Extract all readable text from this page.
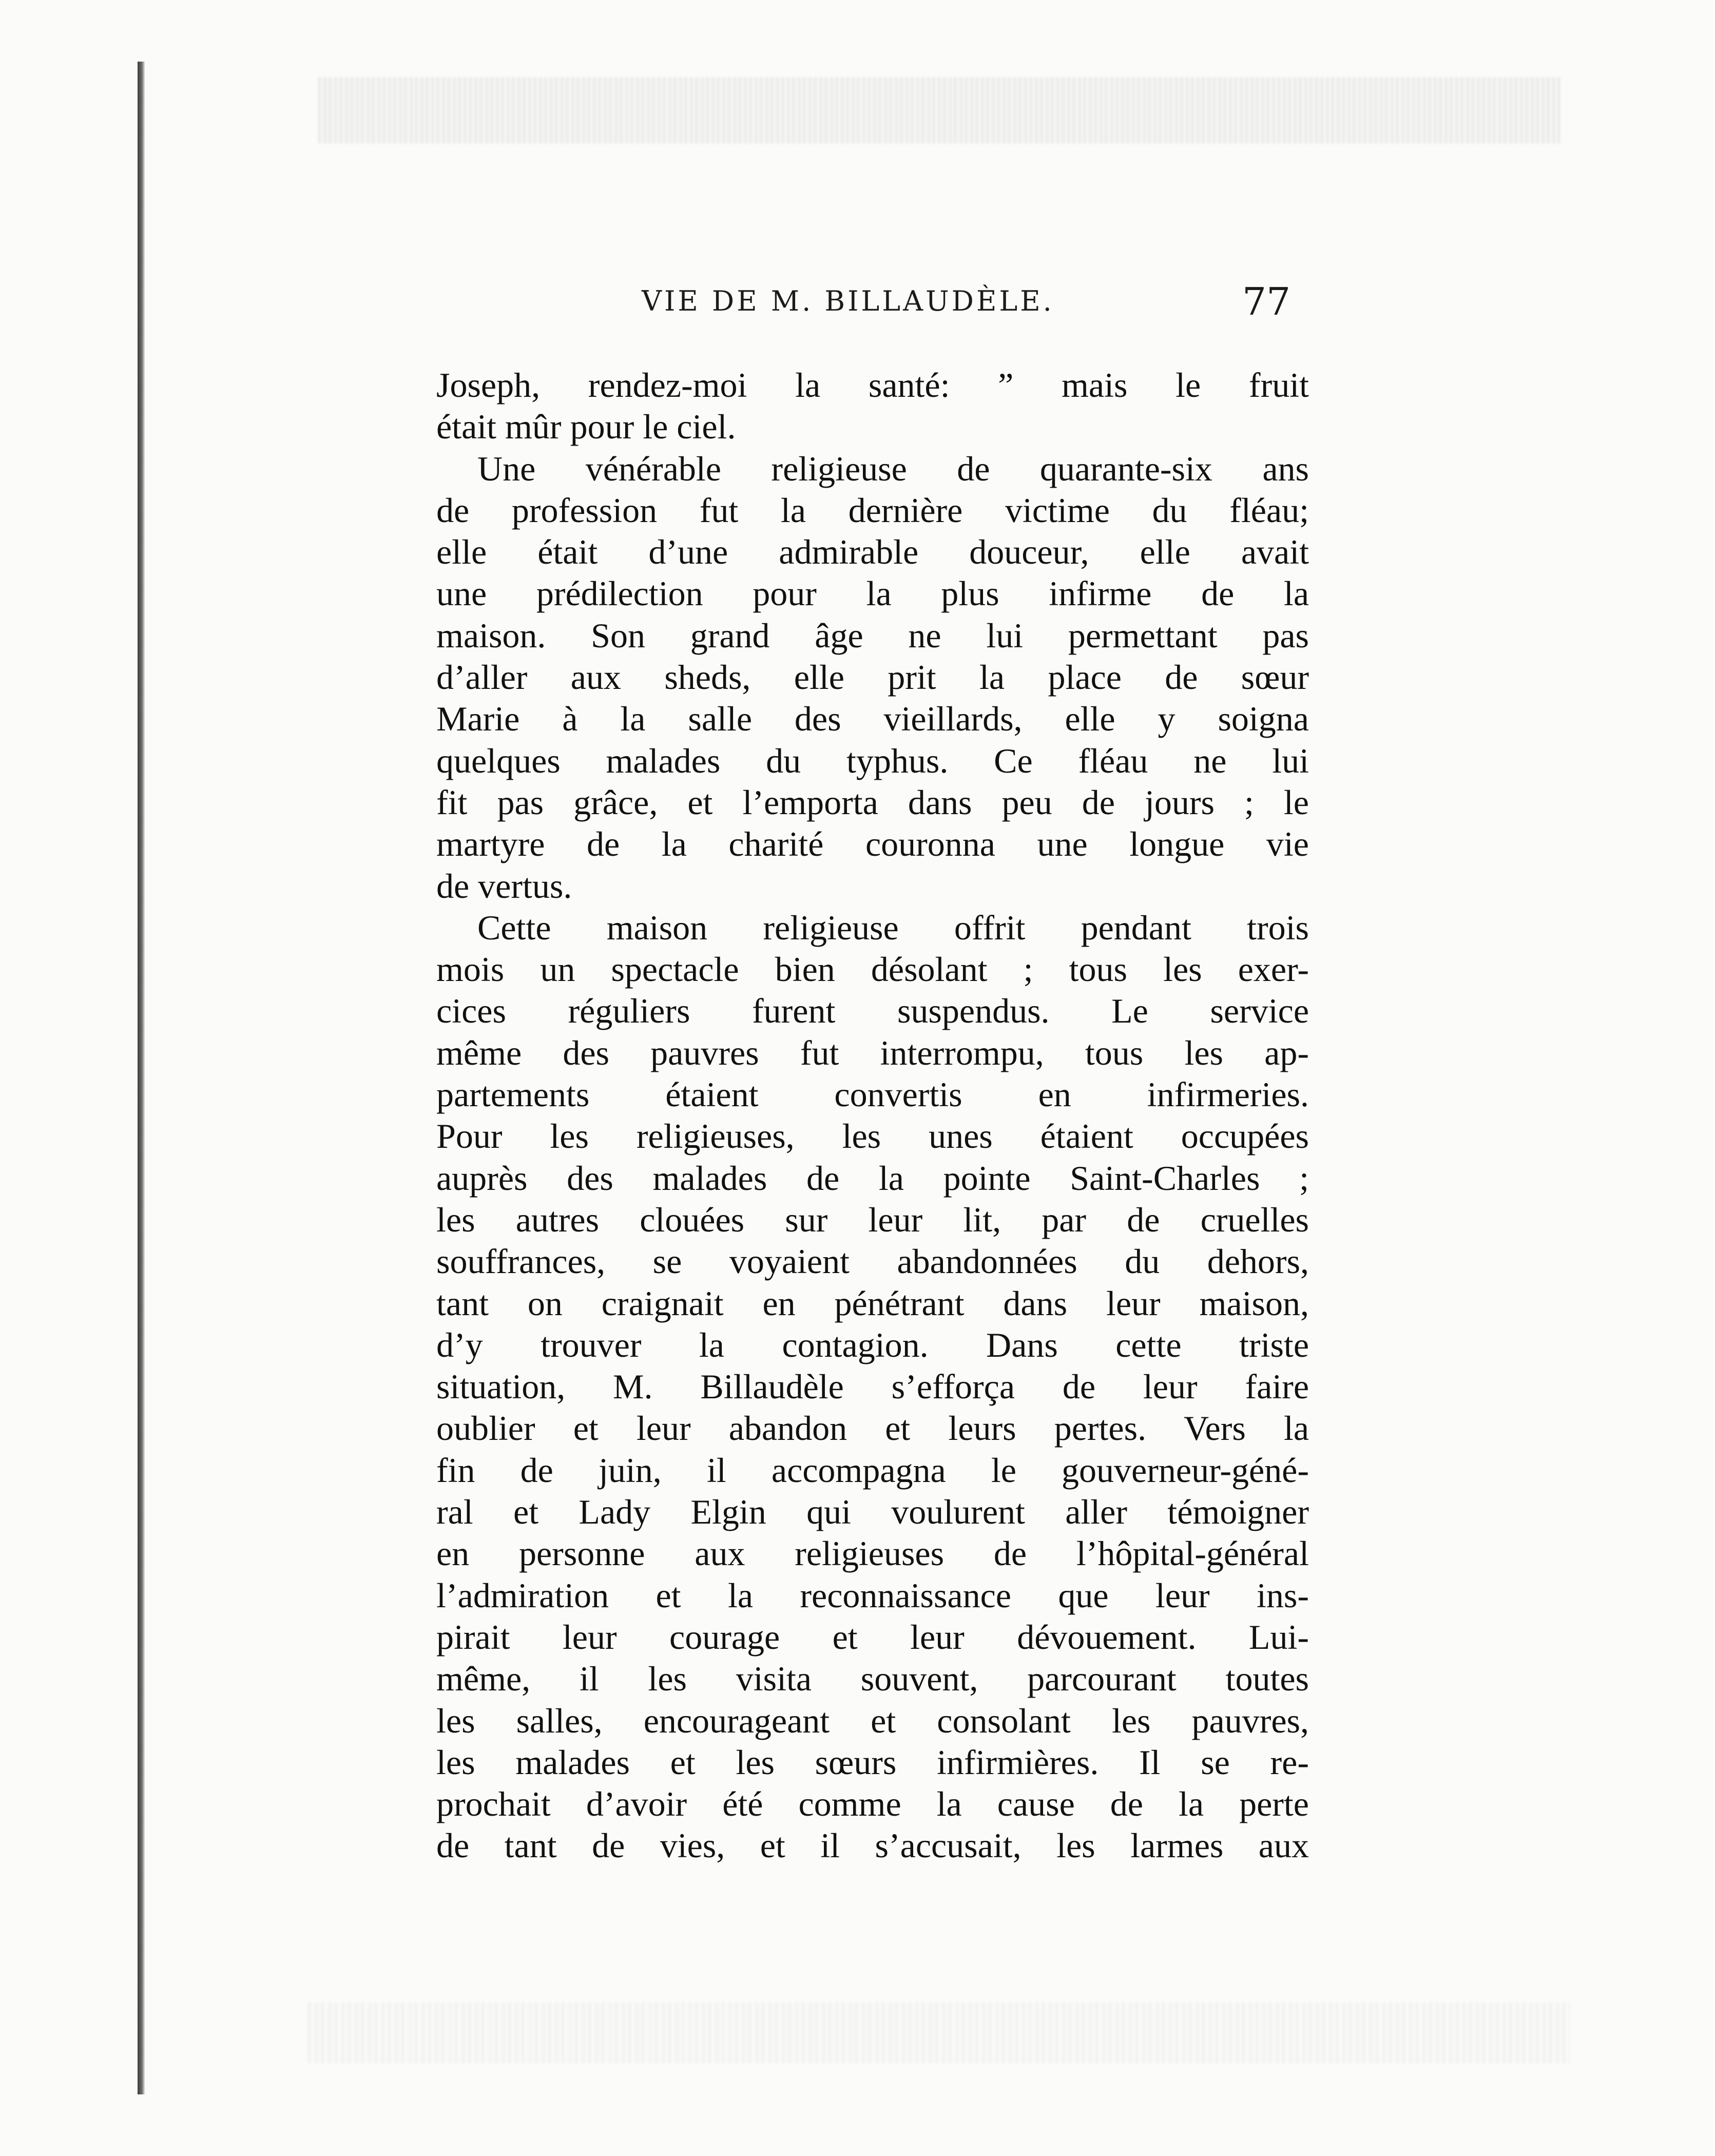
VIE DE M. BILLAUDÈLE.	77
Joseph, rendez-moi la santé: ” mais le fruit
était mûr pour le ciel.
Une vénérable religieuse de quarante-six ans
de profession fut la dernière victime du fléau;
elle était d’une admirable douceur, elle avait
une prédilection pour la plus infirme de la
maison. Son grand âge ne lui permettant pas
d’aller aux sheds, elle prit la place de sœur
Marie à la salle des vieillards, elle y soigna
quelques malades du typhus. Ce fléau ne lui
fit pas grâce, et l’emporta dans peu de jours ; le
martyre de la charité couronna une longue vie
de vertus.
Cette maison religieuse offrit pendant trois
mois un spectacle bien désolant ; tous les exer-
cices réguliers furent suspendus. Le service
même des pauvres fut interrompu, tous les ap-
partements étaient convertis en infirmeries.
Pour les religieuses, les unes étaient occupées
auprès des malades de la pointe Saint-Charles ;
les autres clouées sur leur lit, par de cruelles
souffrances, se voyaient abandonnées du dehors,
tant on craignait en pénétrant dans leur maison,
d’y trouver la contagion. Dans cette triste
situation, M. Billaudèle s’efforça de leur faire
oublier et leur abandon et leurs pertes. Vers la
fin de juin, il accompagna le gouverneur-géné-
ral et Lady Elgin qui voulurent aller témoigner
en personne aux religieuses de l’hôpital-général
l’admiration et la reconnaissance que leur ins-
pirait leur courage et leur dévouement. Lui-
même, il les visita souvent, parcourant toutes
les salles, encourageant et consolant les pauvres,
les malades et les sœurs infirmières. Il se re-
prochait d’avoir été comme la cause de la perte
de tant de vies, et il s’accusait, les larmes aux
